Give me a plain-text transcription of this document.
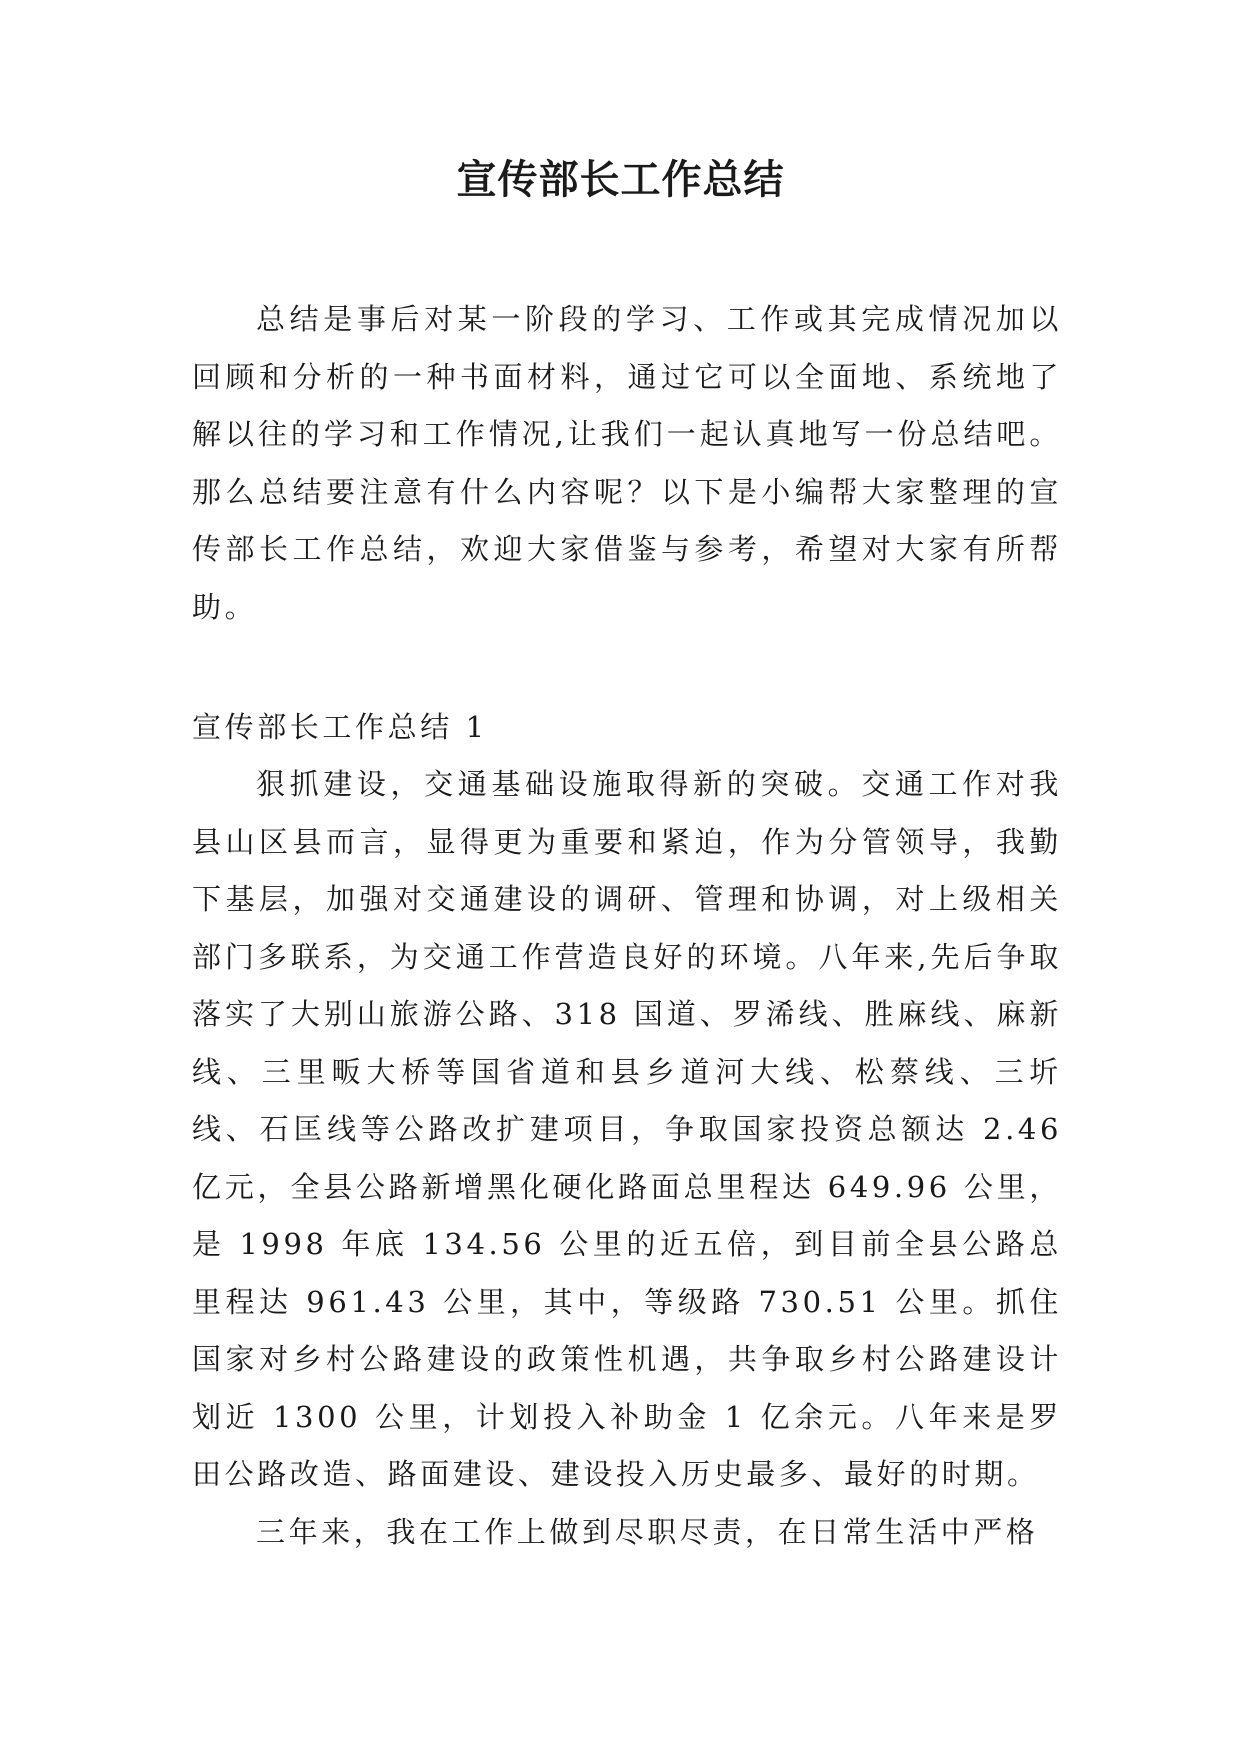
宣传部长工作总结

总结是事后对某一阶段的学习、工作或其完成情况加以回顾和分析的一种书面材料，通过它可以全面地、系统地了解以往的学习和工作情况,让我们一起认真地写一份总结吧。那么总结要注意有什么内容呢？以下是小编帮大家整理的宣传部长工作总结，欢迎大家借鉴与参考，希望对大家有所帮助。

宣传部长工作总结 1

狠抓建设，交通基础设施取得新的突破。交通工作对我县山区县而言，显得更为重要和紧迫，作为分管领导，我勤下基层，加强对交通建设的调研、管理和协调，对上级相关部门多联系，为交通工作营造良好的环境。八年来,先后争取落实了大别山旅游公路、318 国道、罗浠线、胜麻线、麻新线、三里畈大桥等国省道和县乡道河大线、松蔡线、三圻线、石匡线等公路改扩建项目，争取国家投资总额达 2.46 亿元，全县公路新增黑化硬化路面总里程达 649.96 公里，是 1998 年底 134.56 公里的近五倍，到目前全县公路总里程达 961.43 公里，其中，等级路 730.51 公里。抓住国家对乡村公路建设的政策性机遇，共争取乡村公路建设计划近 1300 公里，计划投入补助金 1 亿余元。八年来是罗田公路改造、路面建设、建设投入历史最多、最好的时期。

三年来，我在工作上做到尽职尽责，在日常生活中严格
